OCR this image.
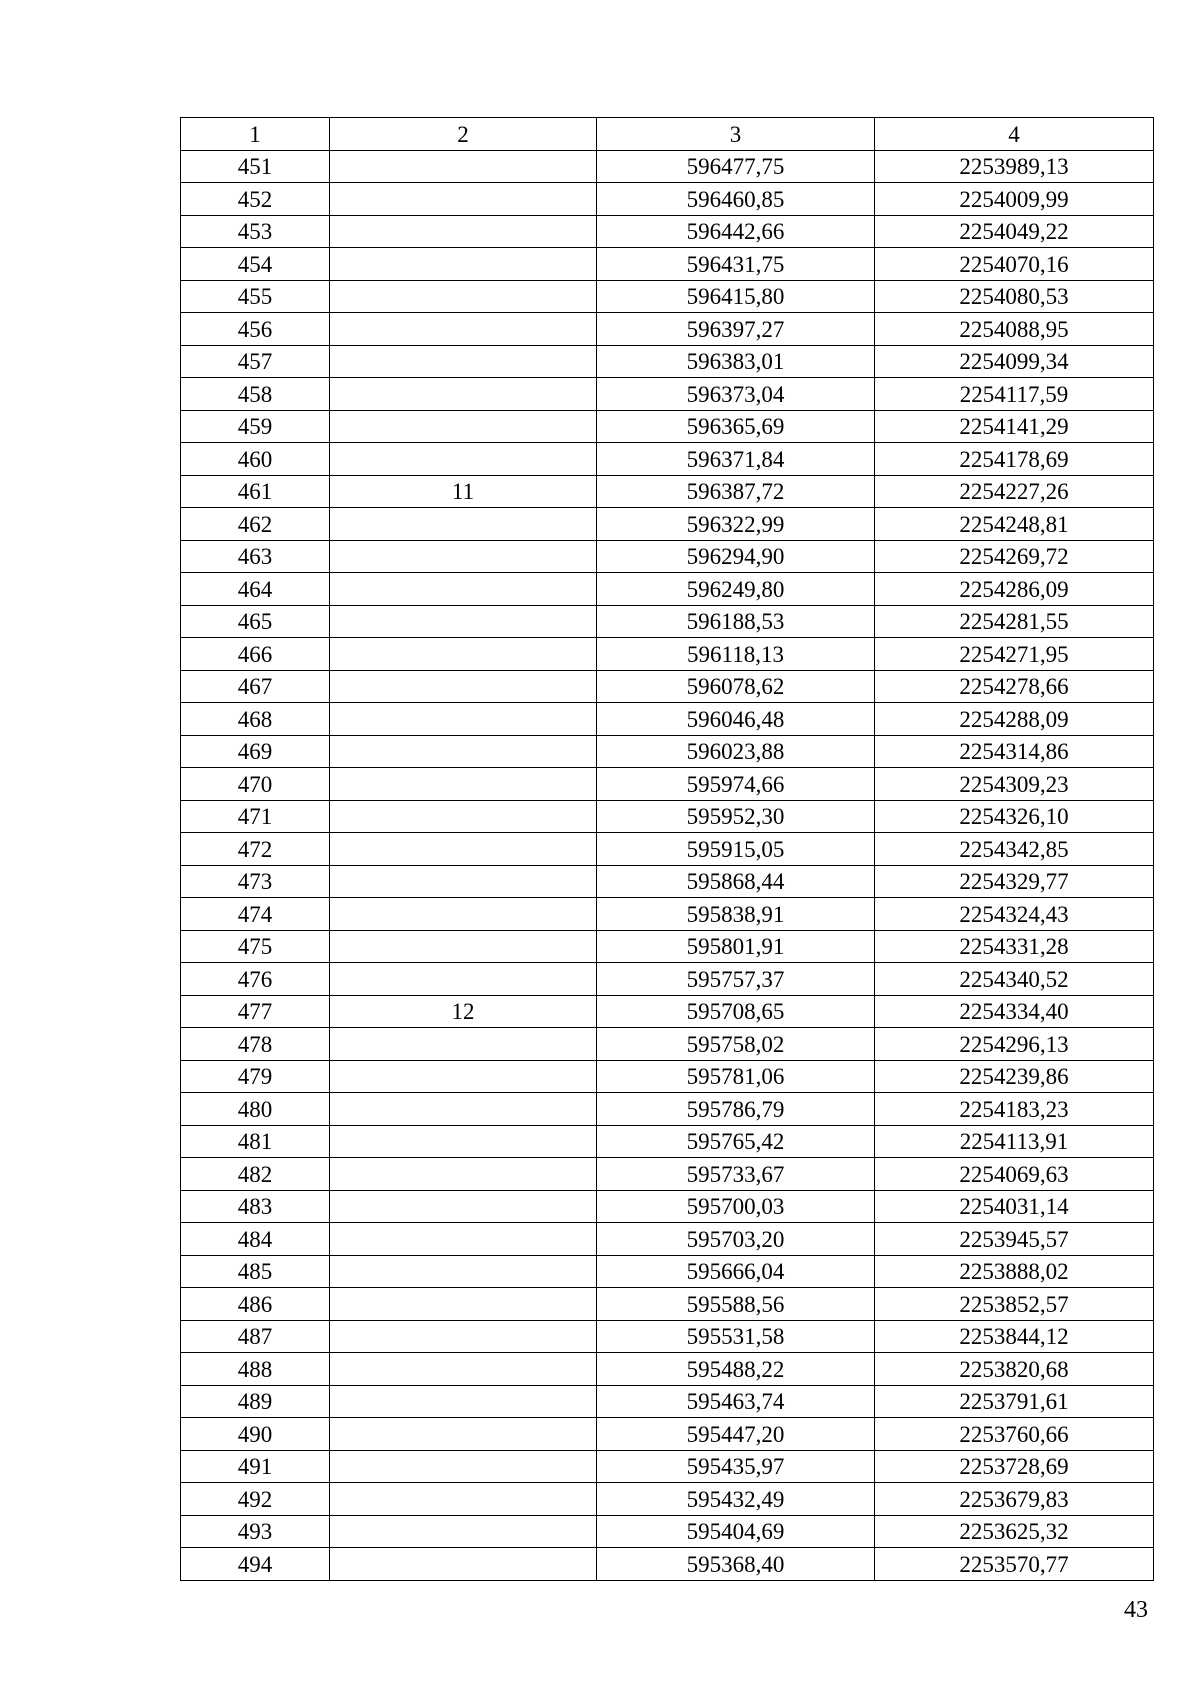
1	2	3	4
451		596477,75	2253989,13
452		596460,85	2254009,99
453		596442,66	2254049,22
454		596431,75	2254070,16
455		596415,80	2254080,53
456		596397,27	2254088,95
457		596383,01	2254099,34
458		596373,04	2254117,59
459		596365,69	2254141,29
460		596371,84	2254178,69
461	11	596387,72	2254227,26
462		596322,99	2254248,81
463		596294,90	2254269,72
464		596249,80	2254286,09
465		596188,53	2254281,55
466		596118,13	2254271,95
467		596078,62	2254278,66
468		596046,48	2254288,09
469		596023,88	2254314,86
470		595974,66	2254309,23
471		595952,30	2254326,10
472		595915,05	2254342,85
473		595868,44	2254329,77
474		595838,91	2254324,43
475		595801,91	2254331,28
476		595757,37	2254340,52
477	12	595708,65	2254334,40
478		595758,02	2254296,13
479		595781,06	2254239,86
480		595786,79	2254183,23
481		595765,42	2254113,91
482		595733,67	2254069,63
483		595700,03	2254031,14
484		595703,20	2253945,57
485		595666,04	2253888,02
486		595588,56	2253852,57
487		595531,58	2253844,12
488		595488,22	2253820,68
489		595463,74	2253791,61
490		595447,20	2253760,66
491		595435,97	2253728,69
492		595432,49	2253679,83
493		595404,69	2253625,32
494		595368,40	2253570,77
43
